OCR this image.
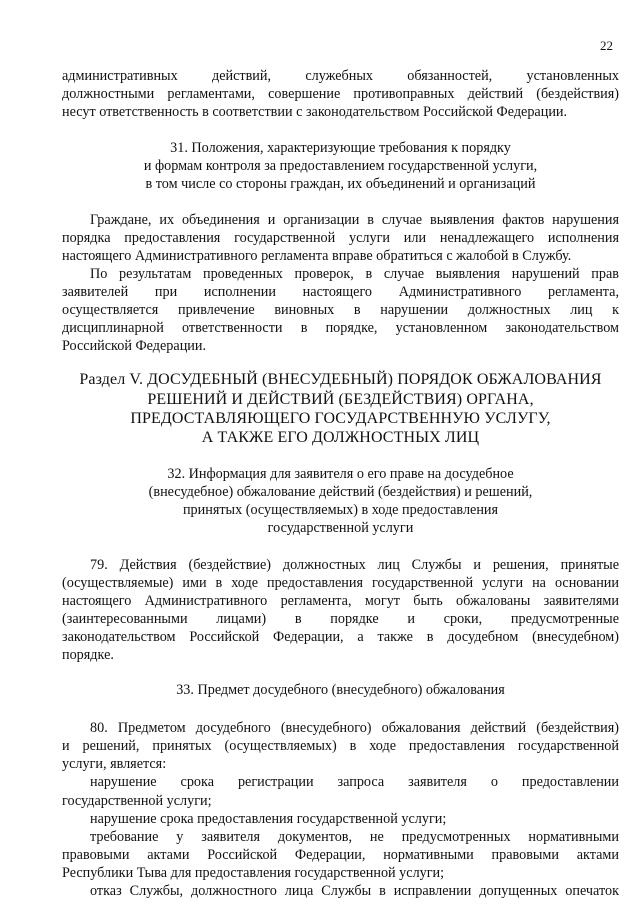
22
административных действий, служебных обязанностей, установленных
должностными регламентами, совершение противоправных действий (бездействия)
несут ответственность в соответствии с законодательством Российской Федерации.
31. Положения, характеризующие требования к порядку
и формам контроля за предоставлением государственной услуги,
в том числе со стороны граждан, их объединений и организаций
Граждане, их объединения и организации в случае выявления фактов нарушения
порядка предоставления государственной услуги или ненадлежащего исполнения
настоящего Административного регламента вправе обратиться с жалобой в Службу.
По результатам проведенных проверок, в случае выявления нарушений прав
заявителей при исполнении настоящего Административного регламента,
осуществляется привлечение виновных в нарушении должностных лиц к
дисциплинарной ответственности в порядке, установленном законодательством
Российской Федерации.
Раздел V. ДОСУДЕБНЫЙ (ВНЕСУДЕБНЫЙ) ПОРЯДОК ОБЖАЛОВАНИЯ
РЕШЕНИЙ И ДЕЙСТВИЙ (БЕЗДЕЙСТВИЯ) ОРГАНА,
ПРЕДОСТАВЛЯЮЩЕГО ГОСУДАРСТВЕННУЮ УСЛУГУ,
А ТАКЖЕ ЕГО ДОЛЖНОСТНЫХ ЛИЦ
32. Информация для заявителя о его праве на досудебное
(внесудебное) обжалование действий (бездействия) и решений,
принятых (осуществляемых) в ходе предоставления
государственной услуги
79. Действия (бездействие) должностных лиц Службы и решения, принятые
(осуществляемые) ими в ходе предоставления государственной услуги на основании
настоящего Административного регламента, могут быть обжалованы заявителями
(заинтересованными лицами) в порядке и сроки, предусмотренные
законодательством Российской Федерации, а также в досудебном (внесудебном)
порядке.
33. Предмет досудебного (внесудебного) обжалования
80. Предметом досудебного (внесудебного) обжалования действий (бездействия)
и решений, принятых (осуществляемых) в ходе предоставления государственной
услуги, является:
нарушение срока регистрации запроса заявителя о предоставлении
государственной услуги;
нарушение срока предоставления государственной услуги;
требование у заявителя документов, не предусмотренных нормативными
правовыми актами Российской Федерации, нормативными правовыми актами
Республики Тыва для предоставления государственной услуги;
отказ Службы, должностного лица Службы в исправлении допущенных опечаток
